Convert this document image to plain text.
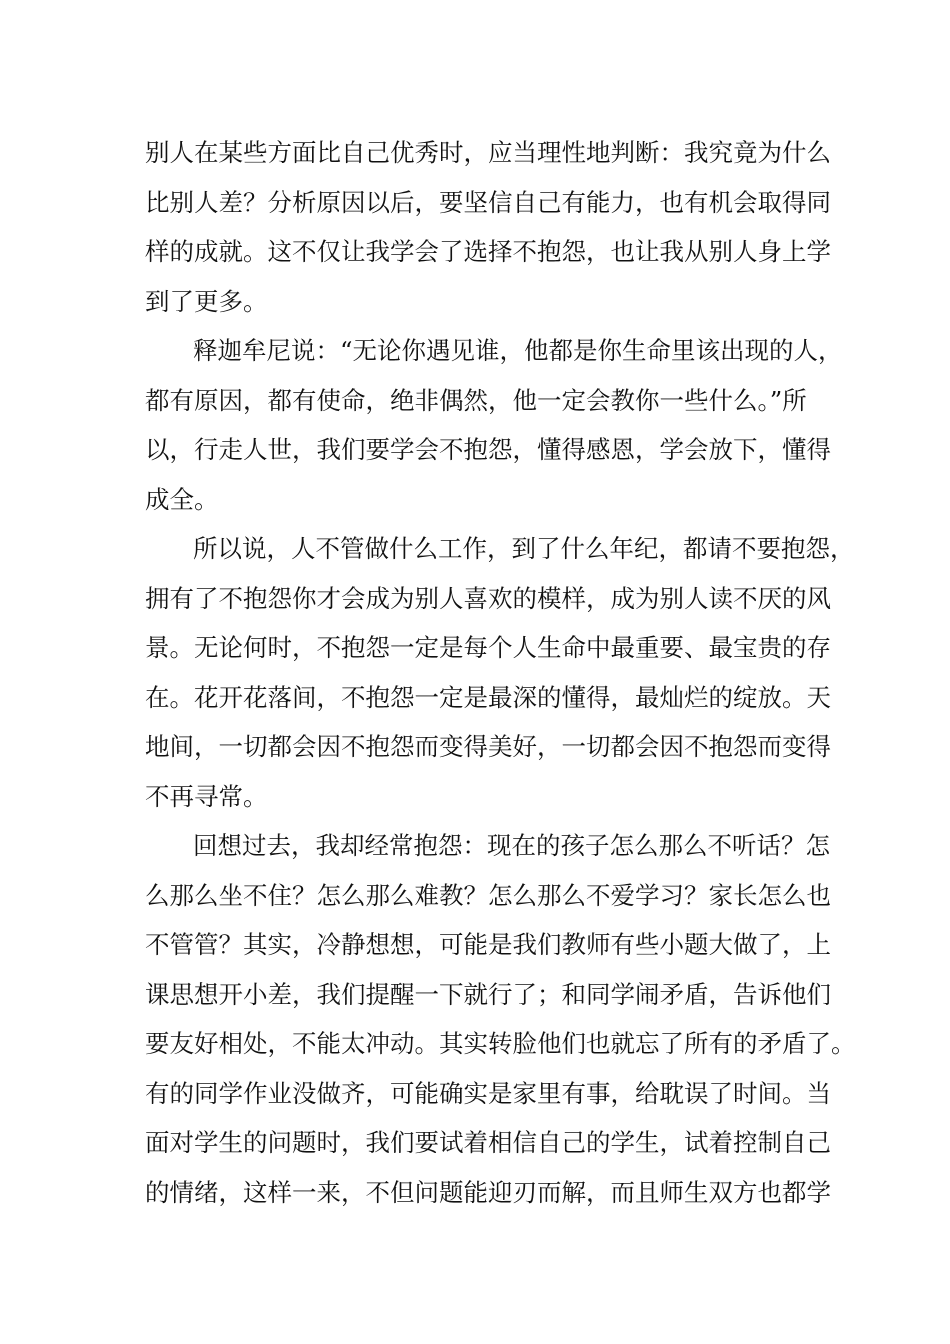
别人在某些方面比自己优秀时，应当理性地判断：我究竟为什么
比别人差？分析原因以后，要坚信自己有能力，也有机会取得同
样的成就。这不仅让我学会了选择不抱怨，也让我从别人身上学
到了更多。
释迦牟尼说：“无论你遇见谁，他都是你生命里该出现的人，
都有原因，都有使命，绝非偶然，他一定会教你一些什么。”所
以，行走人世，我们要学会不抱怨，懂得感恩，学会放下，懂得
成全。
所以说，人不管做什么工作，到了什么年纪，都请不要抱怨，
拥有了不抱怨你才会成为别人喜欢的模样，成为别人读不厌的风
景。无论何时，不抱怨一定是每个人生命中最重要、最宝贵的存
在。花开花落间，不抱怨一定是最深的懂得，最灿烂的绽放。天
地间，一切都会因不抱怨而变得美好，一切都会因不抱怨而变得
不再寻常。
回想过去，我却经常抱怨：现在的孩子怎么那么不听话？怎
么那么坐不住？怎么那么难教？怎么那么不爱学习？家长怎么也
不管管？其实，冷静想想，可能是我们教师有些小题大做了，上
课思想开小差，我们提醒一下就行了；和同学闹矛盾，告诉他们
要友好相处，不能太冲动。其实转脸他们也就忘了所有的矛盾了。
有的同学作业没做齐，可能确实是家里有事，给耽误了时间。当
面对学生的问题时，我们要试着相信自己的学生，试着控制自己
的情绪，这样一来，不但问题能迎刃而解，而且师生双方也都学
